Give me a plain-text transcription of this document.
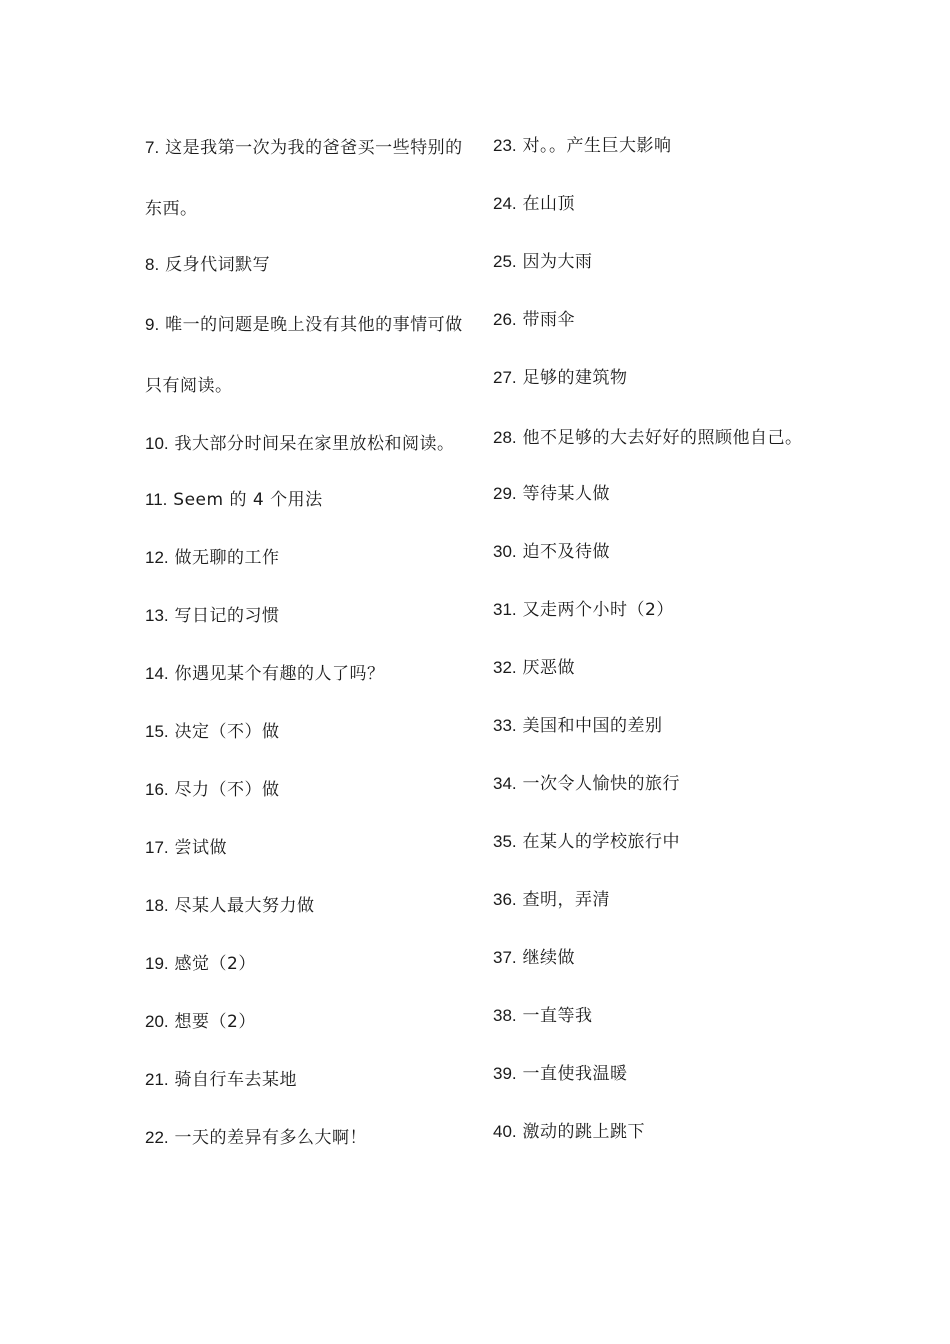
7. 这是我第一次为我的爸爸买一些特别的东西。
8. 反身代词默写
9. 唯一的问题是晚上没有其他的事情可做只有阅读。
10. 我大部分时间呆在家里放松和阅读。
11. Seem 的 4 个用法
12. 做无聊的工作
13. 写日记的习惯
14. 你遇见某个有趣的人了吗？
15. 决定（不）做
16. 尽力（不）做
17. 尝试做
18. 尽某人最大努力做
19. 感觉（2）
20. 想要（2）
21. 骑自行车去某地
22. 一天的差异有多么大啊！
23. 对。。产生巨大影响
24. 在山顶
25. 因为大雨
26. 带雨伞
27. 足够的建筑物
28. 他不足够的大去好好的照顾他自己。
29. 等待某人做
30. 迫不及待做
31. 又走两个小时（2）
32. 厌恶做
33. 美国和中国的差别
34. 一次令人愉快的旅行
35. 在某人的学校旅行中
36. 查明，弄清
37. 继续做
38. 一直等我
39. 一直使我温暖
40. 激动的跳上跳下
